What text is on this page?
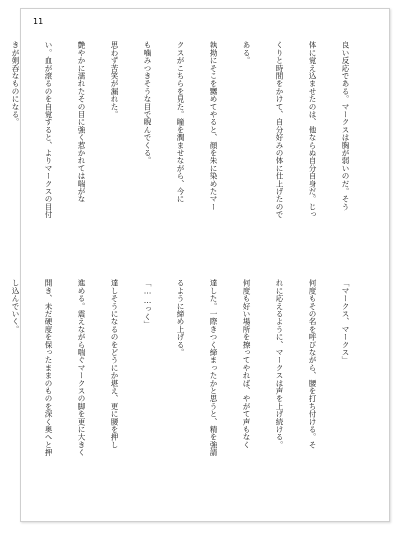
11

良い反応である。マークスは胸が弱いのだ。そう

体に覚え込ませたのは、他ならぬ自分自身だ。じっ

くりと時間をかけて、自分好みの体に仕上げたので

ある。

執拗にそこを嬲めてやると、顔を朱に染めたマー

クスがこちらを見た。瞳を潤ませながら、今に

も噛みつきそうな目で睨んでくる。

思わず苦笑が漏れた。

艶やかに濡れたその目に強く惹かれては喘がな

い。血が滾るのを自覚すると、よりマークスの目付

きが剣呑なものになる。

「マークス、マークス」

何度もその名を呼びながら、腰を打ち付ける。そ

れに応えるように、マークスは声を上げ続ける。

何度も好い場所を擦ってやれば、やがて声もなく

達した。一際きつく締まったかと思うと、精を強請

るように締め上げる。

「……っく」

達しそうになるのをどうにか堪え、更に腰を押し

進める。震えながら喘ぐマークスの脚を更に大きく

開き、未だ硬度を保ったままのものを深く奥へと押

し込んでいく。
